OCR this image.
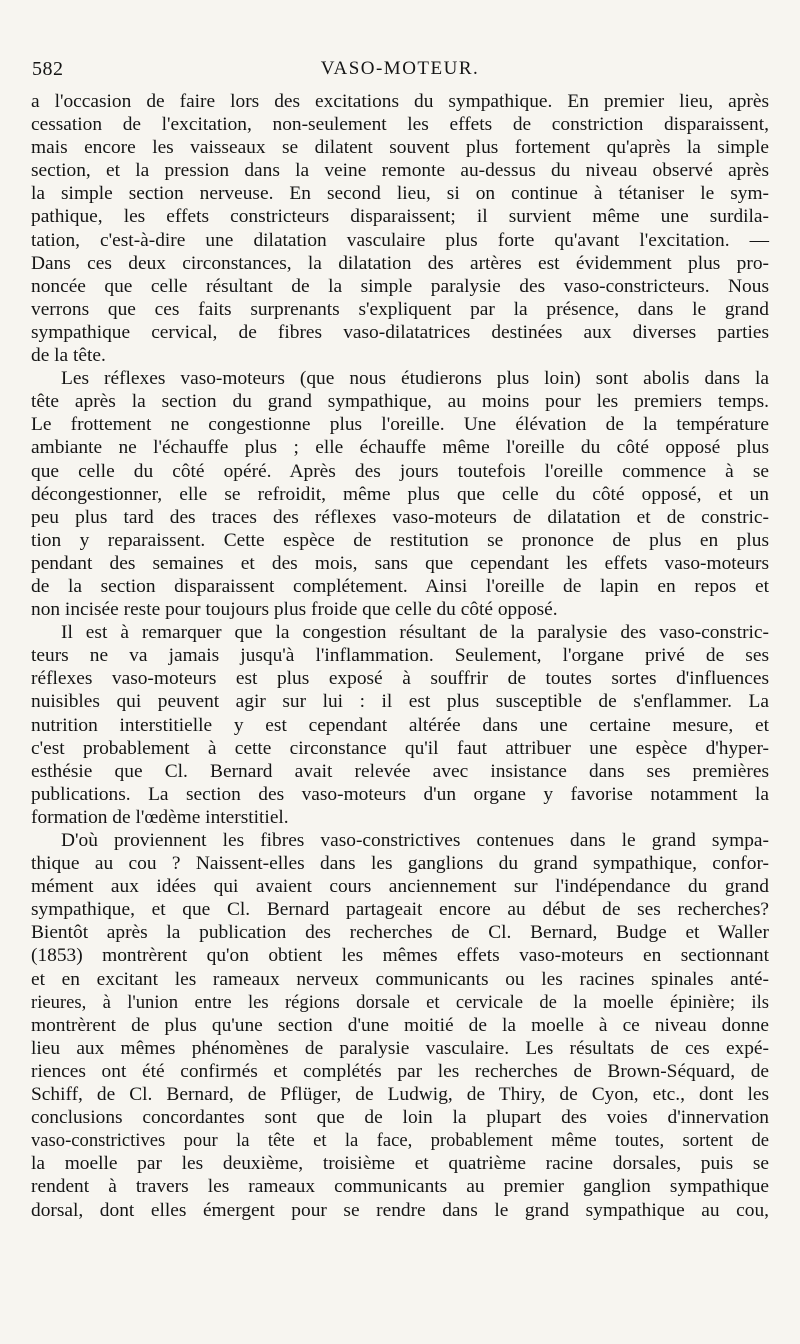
582	VASO-MOTEUR.

a l'occasion de faire lors des excitations du sympathique. En premier lieu, après
cessation de l'excitation, non-seulement les effets de constriction disparaissent,
mais encore les vaisseaux se dilatent souvent plus fortement qu'après la simple
section, et la pression dans la veine remonte au-dessus du niveau observé après
la simple section nerveuse. En second lieu, si on continue à tétaniser le sym-
pathique, les effets constricteurs disparaissent; il survient même une surdila-
tation, c'est-à-dire une dilatation vasculaire plus forte qu'avant l'excitation. —
Dans ces deux circonstances, la dilatation des artères est évidemment plus pro-
noncée que celle résultant de la simple paralysie des vaso-constricteurs. Nous
verrons que ces faits surprenants s'expliquent par la présence, dans le grand
sympathique cervical, de fibres vaso-dilatatrices destinées aux diverses parties
de la tête.

Les réflexes vaso-moteurs (que nous étudierons plus loin) sont abolis dans la
tête après la section du grand sympathique, au moins pour les premiers temps.
Le frottement ne congestionne plus l'oreille. Une élévation de la température
ambiante ne l'échauffe plus ; elle échauffe même l'oreille du côté opposé plus
que celle du côté opéré. Après des jours toutefois l'oreille commence à se
décongestionner, elle se refroidit, même plus que celle du côté opposé, et un
peu plus tard des traces des réflexes vaso-moteurs de dilatation et de constric-
tion y reparaissent. Cette espèce de restitution se prononce de plus en plus
pendant des semaines et des mois, sans que cependant les effets vaso-moteurs
de la section disparaissent complétement. Ainsi l'oreille de lapin en repos et
non incisée reste pour toujours plus froide que celle du côté opposé.

Il est à remarquer que la congestion résultant de la paralysie des vaso-constric-
teurs ne va jamais jusqu'à l'inflammation. Seulement, l'organe privé de ses
réflexes vaso-moteurs est plus exposé à souffrir de toutes sortes d'influences
nuisibles qui peuvent agir sur lui : il est plus susceptible de s'enflammer. La
nutrition interstitielle y est cependant altérée dans une certaine mesure, et
c'est probablement à cette circonstance qu'il faut attribuer une espèce d'hyper-
esthésie que Cl. Bernard avait relevée avec insistance dans ses premières
publications. La section des vaso-moteurs d'un organe y favorise notamment la
formation de l'œdème interstitiel.

D'où proviennent les fibres vaso-constrictives contenues dans le grand sympa-
thique au cou ? Naissent-elles dans les ganglions du grand sympathique, confor-
mément aux idées qui avaient cours anciennement sur l'indépendance du grand
sympathique, et que Cl. Bernard partageait encore au début de ses recherches?
Bientôt après la publication des recherches de Cl. Bernard, Budge et Waller
(1853) montrèrent qu'on obtient les mêmes effets vaso-moteurs en sectionnant
et en excitant les rameaux nerveux communicants ou les racines spinales anté-
rieures, à l'union entre les régions dorsale et cervicale de la moelle épinière; ils
montrèrent de plus qu'une section d'une moitié de la moelle à ce niveau donne
lieu aux mêmes phénomènes de paralysie vasculaire. Les résultats de ces expé-
riences ont été confirmés et complétés par les recherches de Brown-Séquard, de
Schiff, de Cl. Bernard, de Pflüger, de Ludwig, de Thiry, de Cyon, etc., dont les
conclusions concordantes sont que de loin la plupart des voies d'innervation
vaso-constrictives pour la tête et la face, probablement même toutes, sortent de
la moelle par les deuxième, troisième et quatrième racine dorsales, puis se
rendent à travers les rameaux communicants au premier ganglion sympathique
dorsal, dont elles émergent pour se rendre dans le grand sympathique au cou,
